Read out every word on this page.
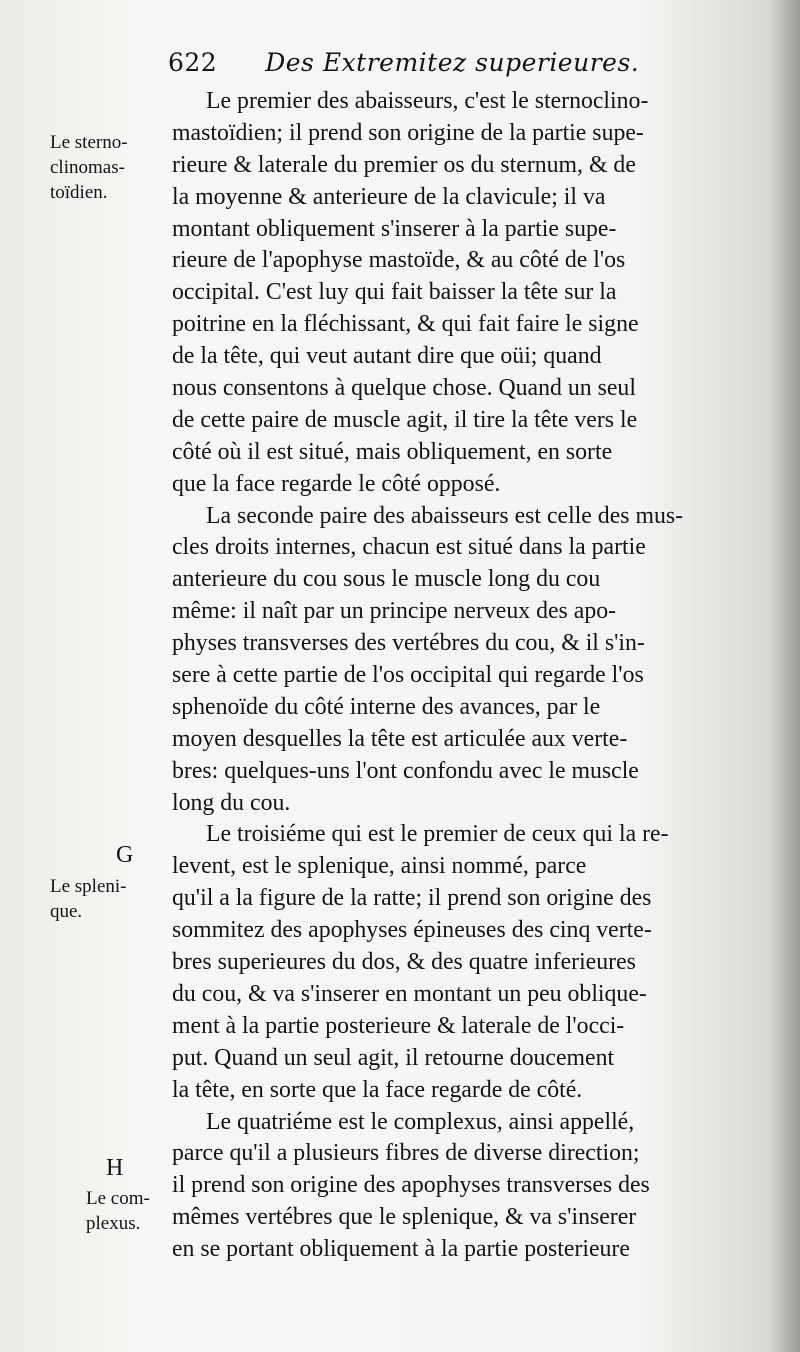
622 Des Extremitez superieures.
Le sterno-
clinomas-
toïdien.
G
Le spleni-
que.
H
Le com-
plexus.

Le premier des abaisseurs, c'est le sternoclino-
mastoïdien; il prend son origine de la partie supe-
rieure & laterale du premier os du sternum, & de
la moyenne & anterieure de la clavicule; il va
montant obliquement s'inserer à la partie supe-
rieure de l'apophyse mastoïde, & au côté de l'os
occipital. C'est luy qui fait baisser la tête sur la
poitrine en la fléchissant, & qui fait faire le signe
de la tête, qui veut autant dire que oüi; quand
nous consentons à quelque chose. Quand un seul
de cette paire de muscle agit, il tire la tête vers le
côté où il est situé, mais obliquement, en sorte
que la face regarde le côté opposé.

La seconde paire des abaisseurs est celle des mus-
cles droits internes, chacun est situé dans la partie
anterieure du cou sous le muscle long du cou
même: il naît par un principe nerveux des apo-
physes transverses des vertébres du cou, & il s'in-
sere à cette partie de l'os occipital qui regarde l'os
sphenoïde du côté interne des avances, par le
moyen desquelles la tête est articulée aux verte-
bres: quelques-uns l'ont confondu avec le muscle
long du cou.

Le troisiéme qui est le premier de ceux qui la re-
levent, est le splenique, ainsi nommé, parce
qu'il a la figure de la ratte; il prend son origine des
sommitez des apophyses épineuses des cinq verte-
bres superieures du dos, & des quatre inferieures
du cou, & va s'inserer en montant un peu oblique-
ment à la partie posterieure & laterale de l'occi-
put. Quand un seul agit, il retourne doucement
la tête, en sorte que la face regarde de côté.

Le quatriéme est le complexus, ainsi appellé,
parce qu'il a plusieurs fibres de diverse direction;
il prend son origine des apophyses transverses des
mêmes vertébres que le splenique, & va s'inserer
en se portant obliquement à la partie posterieure
